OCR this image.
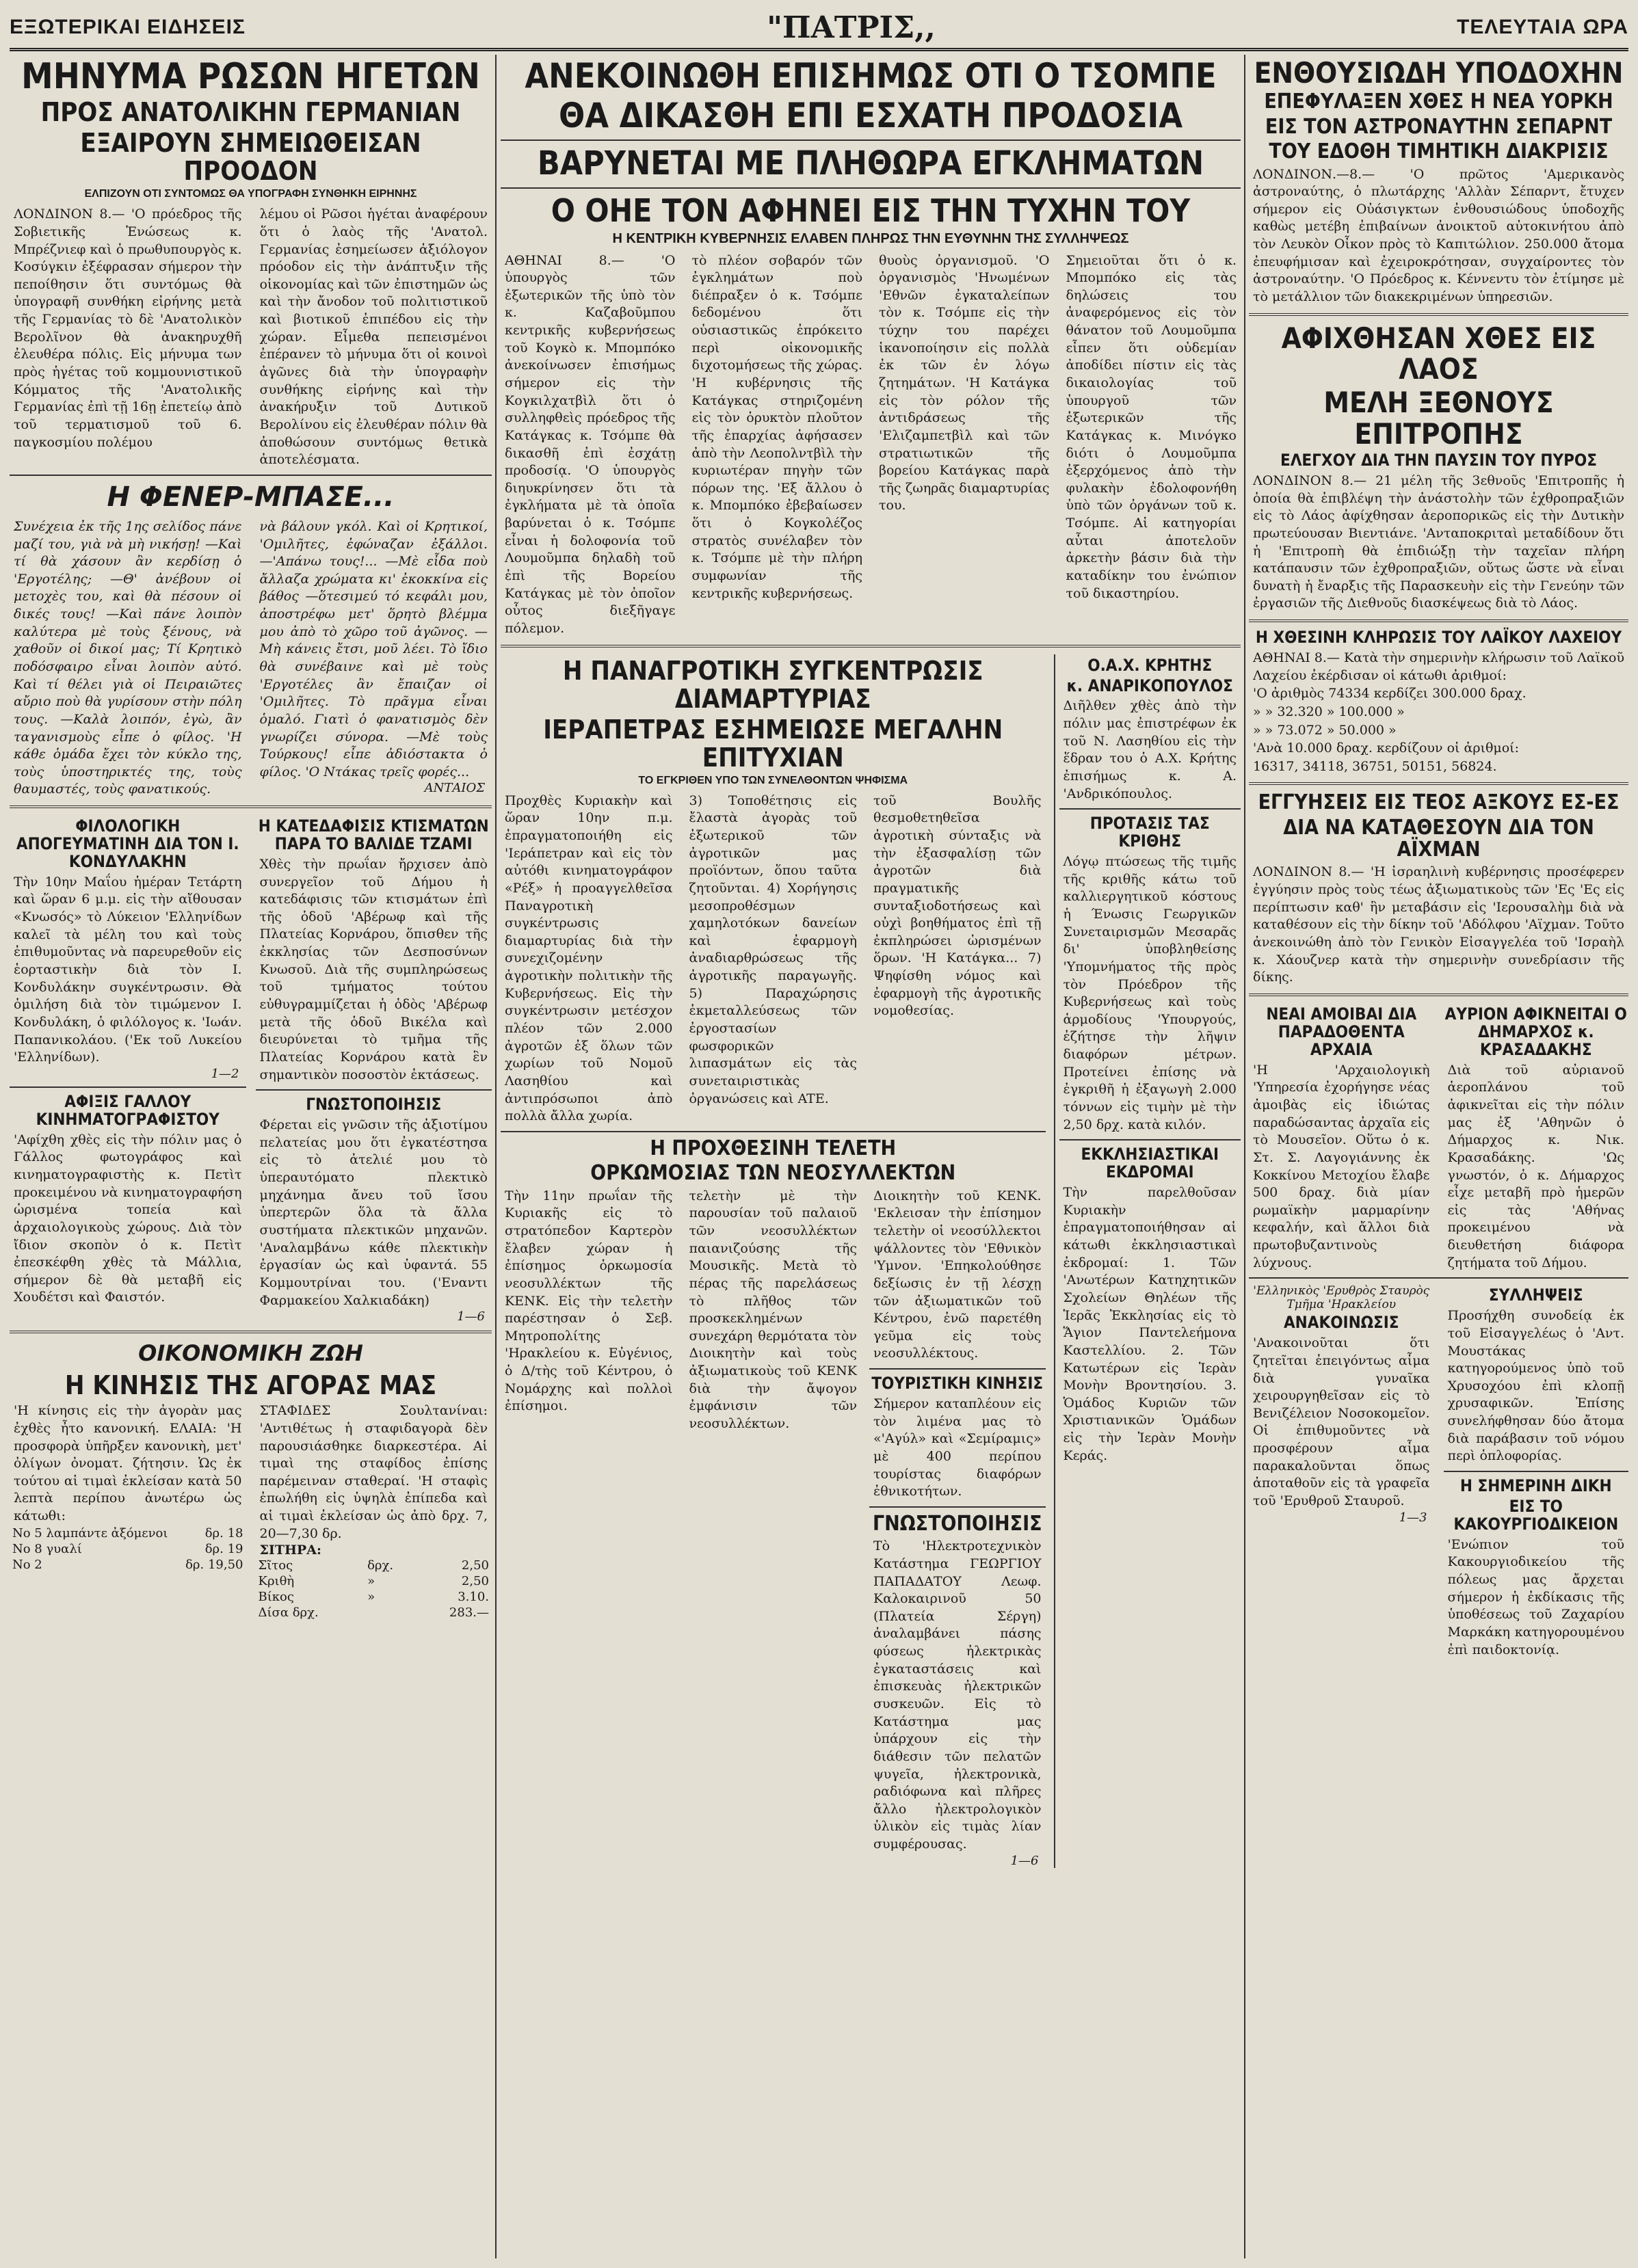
ΕΞΩΤΕΡΙΚΑΙ ΕΙΔΗΣΕΙΣ	"ΠΑΤΡΙΣ,,	ΤΕΛΕΥΤΑΙΑ ΩΡΑ
ΜΗΝΥΜΑ ΡΩΣΩΝ ΗΓΕΤΩΝ
ΠΡΟΣ ΑΝΑΤΟΛΙΚΗΝ ΓΕΡΜΑΝΙΑΝ
ΕΞΑΙΡΟΥΝ ΣΗΜΕΙΩΘΕΙΣΑΝ ΠΡΟΟΔΟΝ
ΕΛΠΙΖΟΥΝ ΟΤΙ ΣΥΝΤΟΜΩΣ ΘΑ ΥΠΟΓΡΑΦΗ ΣΥΝΘΗΚΗ ΕΙΡΗΝΗΣ

ΛΟΝΔΙΝΟΝ 8.— 'Ο πρόεδρος τῆς Σοβιετικῆς Ἑνώσεως κ. Μπρέζνιεφ καὶ ὁ πρωθυπουργὸς κ. Κοσύγκιν ἐξέφρασαν σήμερον τὴν πεποίθησιν ὅτι συντόμως θὰ ὑπογραφῆ συνθήκη εἰρήνης μετὰ τῆς Γερμανίας τὸ δὲ 'Ανατολικὸν Βερολῖνον θὰ ἀνακηρυχθῆ ἐλευθέρα πόλις. Εἰς μήνυμα των πρὸς ἡγέτας τοῦ κομμουνιστικοῦ Κόμματος τῆς 'Ανατολικῆς Γερμανίας ἐπὶ τῇ 16ῃ ἐπετείῳ ἀπὸ τοῦ τερματισμοῦ τοῦ 6. παγκοσμίου πολέμου

λέμου οἱ Ρῶσοι ἡγέται ἀναφέρουν ὅτι ὁ λαὸς τῆς 'Ανατολ. Γερμανίας ἐσημείωσεν ἀξιόλογον πρόοδον εἰς τὴν ἀνάπτυξιν τῆς οἰκονομίας καὶ τῶν ἐπιστημῶν ὡς καὶ τὴν ἄνοδον τοῦ πολιτιστικοῦ καὶ βιοτικοῦ ἐπιπέδου εἰς τὴν χώραν. Εἶμεθα πεπεισμένοι ἐπέρανεν τὸ μήνυμα ὅτι οἱ κοινοὶ ἀγῶνες διὰ τὴν ὑπογραφὴν συνθήκης εἰρήνης καὶ τὴν ἀνακήρυξιν τοῦ Δυτικοῦ Βερολίνου εἰς ἐλευθέραν πόλιν θὰ ἀποθώσουν συντόμως θετικὰ ἀποτελέσματα.

Η ΦΕΝΕΡ-ΜΠΑΣΕ...

Συνέχεια ἐκ τῆς 1ης σελίδος πάνε μαζί του, γιὰ νὰ μὴ νικήσῃ! —Καὶ τί θὰ χάσουν ἂν κερδίσῃ ὁ 'Εργοτέλης; —Θ' ἀνέβουν οἱ μετοχὲς του, καὶ θὰ πέσουν οἱ δικές τους! —Καὶ πάνε λοιπὸν καλύτερα μὲ τοὺς ξένους, νὰ χαθοῦν οἱ δικοί μας; Τί Κρητικὸ ποδόσφαιρο εἶναι λοιπὸν αὐτό. Καὶ τί θέλει γιὰ οἱ Πειραιῶτες αὔριο ποὺ θὰ γυρίσουν στὴν πόλη τους. —Καλὰ λοιπόν, ἐγὼ, ἂν ταγανισμοὺς εἶπε ὁ φίλος. 'Η κάθε ὁμάδα ἔχει τὸν κύκλο της, τοὺς ὑποστηρικτές της, τοὺς θαυμαστές, τοὺς φανατικούς.

νὰ βάλουν γκόλ. Καὶ οἱ Κρητικοί, 'Ομιλῆτες, ἐφώναζαν ἐξάλλοι. —'Απάνω τους!... —Μὲ εἶδα ποὺ ἄλλαζα χρώματα κι' ἐκοκκίνα εἰς βάθος —ὅτεσιμεύ τό κεφάλι μου, ἀποστρέφω μετ' ὅρητὸ βλέμμα μου ἀπὸ τὸ χῶρο τοῦ ἀγῶνος. —Μὴ κάνεις ἔτσι, μοῦ λέει. Τὸ ἴδιο θὰ συνέβαινε καὶ μὲ τοὺς 'Εργοτέλες ἂν ἔπαιζαν οἱ 'Ομιλῆτες. Τὸ πρᾶγμα εἶναι ὁμαλό. Γιατὶ ὁ φανατισμὸς δὲν γνωρίζει σύνορα. —Μὲ τοὺς Τούρκους! εἶπε ἀδιόστακτα ὁ φίλος. 'Ο Ντάκας τρεῖς φορές...

ΑΝΤΑΙΟΣ
ΦΙΛΟΛΟΓΙΚΗ ΑΠΟΓΕΥΜΑΤΙΝΗ ΔΙΑ ΤΟΝ Ι. ΚΟΝΔΥΛΑΚΗΝ

Τὴν 10ην Μαΐου ἡμέραν Τετάρτη καὶ ὥραν 6 μ.μ. εἰς τὴν αἴθουσαν «Κνωσός» τὸ Λύκειον 'Ελληνίδων καλεῖ τὰ μέλη του καὶ τοὺς ἐπιθυμοῦντας νὰ παρευρεθοῦν εἰς ἑορταστικὴν διὰ τὸν Ι. Κονδυλάκην συγκέντρωσιν. Θὰ ὁμιλήση διὰ τὸν τιμώμενον Ι. Κονδυλάκη, ὁ φιλόλογος κ. 'Ιωάν. Παπανικολάου. ('Εκ τοῦ Λυκείου 'Ελληνίδων).

1—2
ΑΦΙΞΙΣ ΓΑΛΛΟΥ ΚΙΝΗΜΑΤΟΓΡΑΦΙΣΤΟΥ

'Αφίχθη χθὲς εἰς τὴν πόλιν μας ὁ Γάλλος φωτογράφος καὶ κινηματογραφιστὴς κ. Πετὶτ προκειμένου νὰ κινηματογραφήση ὡρισμένα τοπεία καὶ ἀρχαιολογικοὺς χώρους. Διὰ τὸν ἴδιον σκοπὸν ὁ κ. Πετὶτ ἐπεσκέφθη χθὲς τὰ Μάλλια, σήμερον δὲ θὰ μεταβῆ εἰς Χουδέτσι καὶ Φαιστόν.

Η ΚΑΤΕΔΑΦΙΣΙΣ ΚΤΙΣΜΑΤΩΝ ΠΑΡΑ ΤΟ ΒΑΛΙΔΕ ΤΖΑΜΙ

Χθὲς τὴν πρωΐαν ἤρχισεν ἀπὸ συνεργεῖον τοῦ Δήμου ἡ κατεδάφισις τῶν κτισμάτων ἐπὶ τῆς ὁδοῦ 'Αβέρωφ καὶ τῆς Πλατείας Κορνάρου, ὅπισθεν τῆς ἐκκλησίας τῶν Δεσποσύνων Κνωσοῦ. Διὰ τῆς συμπληρώσεως τοῦ τμήματος τούτου εὐθυγραμμίζεται ἡ ὁδὸς 'Αβέρωφ μετὰ τῆς ὁδοῦ Βικέλα καὶ διευρύνεται τὸ τμῆμα τῆς Πλατείας Κορνάρου κατὰ ἓν σημαντικὸν ποσοστὸν ἐκτάσεως.

ΓΝΩΣΤΟΠΟΙΗΣΙΣ

Φέρεται εἰς γνῶσιν τῆς ἀξιοτίμου πελατείας μου ὅτι ἐγκατέστησα εἰς τὸ ἀτελιέ μου τὸ ὑπεραυτόματο πλεκτικὸ μηχάνημα ἄνευ τοῦ ἴσου ὑπερτερῶν ὅλα τὰ ἄλλα συστήματα πλεκτικῶν μηχανῶν. 'Αναλαμβάνω κάθε πλεκτικὴν ἐργασίαν ὡς καὶ ὑφαντά. 55 Κομμουτρίναι του. ('Εναντι Φαρμακείου Χαλκιαδάκη)

1—6
ΟΙΚΟΝΟΜΙΚΗ ΖΩΗ
Η ΚΙΝΗΣΙΣ ΤΗΣ ΑΓΟΡΑΣ ΜΑΣ

'Η κίνησις εἰς τὴν ἀγορὰν μας ἐχθὲς ἦτο κανονική. ΕΛΑΙΑ: 'Η προσφορὰ ὑπῆρξεν κανονικὴ, μετ' ὀλίγων ὀνοματ. ζήτησιν. Ὡς ἐκ τούτου αἱ τιμαὶ ἐκλείσαν κατὰ 50 λεπτὰ περίπου ἀνωτέρω ὡς κάτωθι:

No 5 λαμπάντε ἀξόμενοι	δρ. 18
No 8 γυαλί	δρ. 19
No 2	δρ. 19,50

ΣΤΑΦΙΔΕΣ Σουλτανίναι: 'Αντιθέτως ἡ σταφιδαγορὰ δὲν παρουσιάσθηκε διαρκεστέρα. Αἱ τιμαὶ της σταφίδος ἐπίσης παρέμειναν σταθεραί. 'Η σταφὶς ἐπωλήθη εἰς ὑψηλὰ ἐπίπεδα καὶ αἱ τιμαὶ ἐκλείσαν ὡς ἀπὸ δρχ. 7, 20—7,30 δρ.

ΣΙΤΗΡΑ:
Σῖτος	δρχ.	2,50
Κριθὴ	»	2,50
Βίκος	»	3.10.
Δίσα δρχ.		283.—
ΑΝΕΚΟΙΝΩΘΗ ΕΠΙΣΗΜΩΣ ΟΤΙ Ο ΤΣΟΜΠΕ
ΘΑ ΔΙΚΑΣΘΗ ΕΠΙ ΕΣΧΑΤΗ ΠΡΟΔΟΣΙΑ
ΒΑΡΥΝΕΤΑΙ ΜΕ ΠΛΗΘΩΡΑ ΕΓΚΛΗΜΑΤΩΝ
Ο ΟΗΕ ΤΟΝ ΑΦΗΝΕΙ ΕΙΣ ΤΗΝ ΤΥΧΗΝ ΤΟΥ
Η ΚΕΝΤΡΙΚΗ ΚΥΒΕΡΝΗΣΙΣ ΕΛΑΒΕΝ ΠΛΗΡΩΣ ΤΗΝ ΕΥΘΥΝΗΝ ΤΗΣ ΣΥΛΛΗΨΕΩΣ

ΑΘΗΝΑΙ 8.— 'Ο ὑπουργὸς τῶν ἐξωτερικῶν τῆς ὑπὸ τὸν κ. Καζαβοῦμπου κεντρικῆς κυβερνήσεως τοῦ Κογκὸ κ. Μπομπόκο ἀνεκοίνωσεν ἐπισήμως σήμερον εἰς τὴν Κογκιλχατβὶλ ὅτι ὁ συλληφθεὶς πρόεδρος τῆς Κατάγκας κ. Τσόμπε θὰ δικασθῆ ἐπὶ ἐσχάτῃ προδοσίᾳ. 'Ο ὑπουργὸς διηυκρίνησεν ὅτι τὰ ἐγκλήματα μὲ τὰ ὁποῖα βαρύνεται ὁ κ. Τσόμπε εἶναι ἡ δολοφονία τοῦ Λουμοῦμπα δηλαδὴ τοῦ ἐπὶ τῆς Βορείου Κατάγκας μὲ τὸν ὁποῖον οὗτος διεξῆγαγε πόλεμον.

τὸ πλέον σοβαρόν τῶν ἐγκλημάτων ποὺ διέπραξεν ὁ κ. Τσόμπε δεδομένου ὅτι οὐσιαστικῶς ἐπρόκειτο περὶ οἰκονομικῆς διχοτομήσεως τῆς χώρας. 'Η κυβέρνησις τῆς Κατάγκας στηριζομένη εἰς τὸν ὀρυκτὸν πλοῦτον τῆς ἐπαρχίας ἀφήσασεν ἀπὸ τὴν Λεοπολντβὶλ τὴν κυριωτέραν πηγὴν τῶν πόρων της. 'Εξ ἄλλου ὁ κ. Μπομπόκο ἐβεβαίωσεν ὅτι ὁ Κογκολέζος στρατὸς συνέλαβεν τὸν κ. Τσόμπε μὲ τὴν πλήρη συμφωνίαν τῆς κεντρικῆς κυβερνήσεως.

θυοὺς ὀργανισμοῦ. 'Ο ὀργανισμὸς 'Ηνωμένων 'Εθνῶν ἐγκαταλείπων τὸν κ. Τσόμπε εἰς τὴν τύχην του παρέχει ἱκανοποίησιν εἰς πολλὰ ἐκ τῶν ἐν λόγω ζητημάτων. 'Η Κατάγκα εἰς τὸν ρόλον τῆς ἀντιδράσεως τῆς 'Ελιζαμπετβὶλ καὶ τῶν στρατιωτικῶν τῆς βορείου Κατάγκας παρὰ τῆς ζωηρᾶς διαμαρτυρίας του.

Σημειοῦται ὅτι ὁ κ. Μπομπόκο εἰς τὰς δηλώσεις του ἀναφερόμενος εἰς τὸν θάνατον τοῦ Λουμοῦμπα εἶπεν ὅτι οὐδεμίαν ἀποδίδει πίστιν εἰς τὰς δικαιολογίας τοῦ ὑπουργοῦ τῶν ἐξωτερικῶν τῆς Κατάγκας κ. Μινόγκο διότι ὁ Λουμοῦμπα ἐξερχόμενος ἀπὸ τὴν φυλακὴν ἐδολοφονήθη ὑπὸ τῶν ὀργάνων τοῦ κ. Τσόμπε. Αἱ κατηγορίαι αὗται ἀποτελοῦν ἀρκετὴν βάσιν διὰ τὴν καταδίκην του ἐνώπιον τοῦ δικαστηρίου.

Η ΠΑΝΑΓΡΟΤΙΚΗ ΣΥΓΚΕΝΤΡΩΣΙΣ ΔΙΑΜΑΡΤΥΡΙΑΣ
ΙΕΡΑΠΕΤΡΑΣ ΕΣΗΜΕΙΩΣΕ ΜΕΓΑΛΗΝ ΕΠΙΤΥΧΙΑΝ
ΤΟ ΕΓΚΡΙΘΕΝ ΥΠΟ ΤΩΝ ΣΥΝΕΛΘΟΝΤΩΝ ΨΗΦΙΣΜΑ

Προχθὲς Κυριακὴν καὶ ὥραν 10ην π.μ. ἐπραγματοποιήθη εἰς 'Ιεράπετραν καὶ εἰς τὸν αὐτόθι κινηματογράφον «Ρέξ» ἡ προαγγελθεῖσα Παναγροτικὴ συγκέντρωσις διαμαρτυρίας διὰ τὴν συνεχιζομένην ἀγροτικὴν πολιτικὴν τῆς Κυβερνήσεως. Εἰς τὴν συγκέντρωσιν μετέσχον πλέον τῶν 2.000 ἀγροτῶν ἐξ ὅλων τῶν χωρίων τοῦ Νομοῦ Λασηθίου καὶ ἀντιπρόσωποι ἀπὸ πολλὰ ἄλλα χωρία.

3) Τοποθέτησις εἰς ἔλαστὰ ἀγορὰς τοῦ ἐξωτερικοῦ τῶν ἀγροτικῶν μας προϊόντων, ὅπου ταῦτα ζητοῦνται. 4) Χορήγησις μεσοπροθέσμων χαμηλοτόκων δανείων καὶ ἐφαρμογὴ ἀναδιαρθρώσεως τῆς ἀγροτικῆς παραγωγῆς. 5) Παραχώρησις ἐκμεταλλεύσεως τῶν ἐργοστασίων φωσφορικῶν λιπασμάτων εἰς τὰς συνεταιριστικὰς ὀργανώσεις καὶ ATE.

τοῦ Βουλῆς θεσμοθετηθεῖσα ἀγροτικὴ σύνταξις νὰ τὴν ἐξασφαλίσῃ τῶν ἀγροτῶν διὰ πραγματικῆς συνταξιοδοτήσεως καὶ οὐχὶ βοηθήματος ἐπὶ τῇ ἐκπληρώσει ὡρισμένων ὅρων. 'Η Κατάγκα... 7) Ψηφίσθη νόμος καὶ ἐφαρμογὴ τῆς ἀγροτικῆς νομοθεσίας.

Η ΠΡΟΧΘΕΣΙΝΗ ΤΕΛΕΤΗ
ΟΡΚΩΜΟΣΙΑΣ ΤΩΝ ΝΕΟΣΥΛΛΕΚΤΩΝ

Τὴν 11ην πρωΐαν τῆς Κυριακῆς εἰς τὸ στρατόπεδον Καρτερὸν ἔλαβεν χώραν ἡ ἐπίσημος ὁρκωμοσία νεοσυλλέκτων τῆς ΚΕΝΚ. Εἰς τὴν τελετὴν παρέστησαν ὁ Σεβ. Μητροπολίτης 'Ηρακλείου κ. Εὐγένιος, ὁ Δ/τὴς τοῦ Κέντρου, ὁ Νομάρχης καὶ πολλοὶ ἐπίσημοι.

τελετὴν μὲ τὴν παρουσίαν τοῦ παλαιοῦ τῶν νεοσυλλέκτων παιανιζούσης τῆς Μουσικῆς. Μετὰ τὸ πέρας τῆς παρελάσεως τὸ πλῆθος τῶν προσκεκλημένων συνεχάρη θερμότατα τὸν Διοικητὴν καὶ τοὺς ἀξιωματικοὺς τοῦ ΚΕΝΚ διὰ τὴν ἄψογον ἐμφάνισιν τῶν νεοσυλλέκτων.

Διοικητὴν τοῦ ΚΕΝΚ. 'Εκλεισαν τὴν ἐπίσημον τελετὴν οἱ νεοσύλλεκτοι ψάλλοντες τὸν 'Εθνικὸν 'Υμνον. 'Επηκολούθησε δεξίωσις ἐν τῇ λέσχῃ τῶν ἀξιωματικῶν τοῦ Κέντρου, ἐνῶ παρετέθη γεῦμα εἰς τοὺς νεοσυλλέκτους.

ΤΟΥΡΙΣΤΙΚΗ ΚΙΝΗΣΙΣ

Σήμερον καταπλέουν εἰς τὸν λιμένα μας τὸ «'Αγύλ» καὶ «Σεμίραμις» μὲ 400 περίπου τουρίστας διαφόρων ἐθνικοτήτων.

ΓΝΩΣΤΟΠΟΙΗΣΙΣ

Τὸ 'Ηλεκτροτεχνικὸν Κατάστημα ΓΕΩΡΓΙΟΥ ΠΑΠΑΔΑΤΟΥ Λεωφ. Καλοκαιρινοῦ 50 (Πλατεία Σέργη) ἀναλαμβάνει πάσης φύσεως ἠλεκτρικὰς ἐγκαταστάσεις καὶ ἐπισκευὰς ἠλεκτρικῶν συσκευῶν. Εἰς τὸ Κατάστημα μας ὑπάρχουν εἰς τὴν διάθεσιν τῶν πελατῶν ψυγεῖα, ἠλεκτρονικὰ, ραδιόφωνα καὶ πλῆρες ἄλλο ἠλεκτρολογικὸν ὑλικὸν εἰς τιμὰς λίαν συμφέρουσας.

1—6
Ο.Α.Χ. ΚΡΗΤΗΣ
κ. ΑΝΑΡΙΚΟΠΟΥΛΟΣ

Διῆλθεν χθὲς ἀπὸ τὴν πόλιν μας ἐπιστρέφων ἐκ τοῦ Ν. Λασηθίου εἰς τὴν ἕδραν του ὁ Α.Χ. Κρήτης ἐπισήμως κ. Α. 'Ανδρικόπουλος.

ΠΡΟΤΑΣΙΣ ΤΑΣ ΚΡΙΘΗΣ

Λόγῳ πτώσεως τῆς τιμῆς τῆς κριθῆς κάτω τοῦ καλλιεργητικοῦ κόστους ἡ Ένωσις Γεωργικῶν Συνεταιρισμῶν Μεσαρᾶς δι' ὑποβληθείσης 'Υπομνήματος τῆς πρὸς τὸν Πρόεδρον τῆς Κυβερνήσεως καὶ τοὺς ἁρμοδίους 'Υπουργούς, ἐζήτησε τὴν λῆψιν διαφόρων μέτρων. Προτείνει ἐπίσης νὰ ἐγκριθῆ ἡ ἐξαγωγὴ 2.000 τόννων εἰς τιμὴν μὲ τὴν 2,50 δρχ. κατὰ κιλόν.

ΕΚΚΛΗΣΙΑΣΤΙΚΑΙ ΕΚΔΡΟΜΑΙ

Τὴν παρελθοῦσαν Κυριακὴν ἐπραγματοποιήθησαν αἱ κάτωθι ἐκκλησιαστικαὶ ἐκδρομαί: 1. Τῶν 'Ανωτέρων Κατηχητικῶν Σχολείων Θηλέων τῆς Ἱερᾶς Ἐκκλησίας εἰς τὸ Ἅγιον Παντελεήμονα Καστελλίου. 2. Τῶν Κατωτέρων εἰς Ἱερὰν Μονὴν Βροντησίου. 3. Ὁμάδος Κυριῶν τῶν Χριστιανικῶν Ὁμάδων εἰς τὴν Ἱερὰν Μονὴν Κεράς.

ΕΝΘΟΥΣΙΩΔΗ ΥΠΟΔΟΧΗΝ
ΕΠΕΦΥΛΑΞΕΝ ΧΘΕΣ Η ΝΕΑ ΥΟΡΚΗ
ΕΙΣ ΤΟΝ ΑΣΤΡΟΝΑΥΤΗΝ ΣΕΠΑΡΝΤ
ΤΟΥ ΕΔΟΘΗ ΤΙΜΗΤΙΚΗ ΔΙΑΚΡΙΣΙΣ

ΛΟΝΔΙΝΟΝ.—8.— 'Ο πρῶτος 'Αμερικανὸς ἀστροναύτης, ὁ πλωτάρχης 'Αλλὰν Σέπαρντ, ἔτυχεν σήμερον εἰς Οὐάσιγκτων ἐνθουσιώδους ὑποδοχῆς καθὼς μετέβη ἐπιβαίνων ἀνοικτοῦ αὐτοκινήτου ἀπὸ τὸν Λευκὸν Οἶκον πρὸς τὸ Καπιτώλιον. 250.000 ἄτομα ἐπευφήμισαν καὶ ἐχειροκρότησαν, συγχαίροντες τὸν ἀστροναύτην. 'Ο Πρόεδρος κ. Κέννεντυ τὸν ἐτίμησε μὲ τὸ μετάλλιον τῶν διακεκριμένων ὑπηρεσιῶν.

ΑΦΙΧΘΗΣΑΝ ΧΘΕΣ ΕΙΣ ΛΑΟΣ
ΜΕΛΗ ΞΕΘΝΟΥΣ ΕΠΙΤΡΟΠΗΣ
ΕΛΕΓΧΟΥ ΔΙΑ ΤΗΝ ΠΑΥΣΙΝ ΤΟΥ ΠΥΡΟΣ

ΛΟΝΔΙΝΟΝ 8.— 21 μέλη τῆς 3εθνοῦς 'Επιτροπῆς ἡ ὁποία θὰ ἐπιβλέψη τὴν ἀνάστολὴν τῶν ἐχθροπραξιῶν εἰς τὸ Λάος ἀφίχθησαν ἀεροπορικῶς εἰς τὴν Δυτικὴν πρωτεύουσαν Βιεντιάνε. 'Ανταποκριταὶ μεταδίδουν ὅτι ἡ 'Επιτροπὴ θὰ ἐπιδιώξῃ τὴν ταχεῖαν πλήρη κατάπαυσιν τῶν ἐχθροπραξιῶν, οὕτως ὥστε νὰ εἶναι δυνατὴ ἡ ἔναρξις τῆς Παρασκευὴν εἰς τὴν Γενεύην τῶν ἐργασιῶν τῆς Διεθνοῦς διασκέψεως διὰ τὸ Λάος.

Η ΧΘΕΣΙΝΗ ΚΛΗΡΩΣΙΣ ΤΟΥ ΛΑΪΚΟΥ ΛΑΧΕΙΟΥ

ΑΘΗΝΑΙ 8.— Κατὰ τὴν σημερινὴν κλήρωσιν τοῦ Λαϊκοῦ Λαχείου ἐκέρδισαν οἱ κάτωθι ἀριθμοί:

'Ο ἀριθμὸς 74334 κερδίζει 300.000 δραχ.
» » 32.320 » 100.000 »
» » 73.072 » 50.000 »
'Ανὰ 10.000 δραχ. κερδίζουν οἱ ἀριθμοί:
16317, 34118, 36751, 50151, 56824.
ΕΓΓΥΗΣΕΙΣ ΕΙΣ ΤΕΟΣ ΑΞΚΟΥΣ ΕΣ-ΕΣ
ΔΙΑ ΝΑ ΚΑΤΑΘΕΣΟΥΝ ΔΙΑ ΤΟΝ ΑΪΧΜΑΝ

ΛΟΝΔΙΝΟΝ 8.— 'Η ἰσραηλινὴ κυβέρνησις προσέφερεν ἐγγύησιν πρὸς τοὺς τέως ἀξιωματικοὺς τῶν 'Ες 'Ες εἰς περίπτωσιν καθ' ἣν μεταβάσιν εἰς 'Ιερουσαλὴμ διὰ νὰ καταθέσουν εἰς τὴν δίκην τοῦ 'Αδόλφου 'Αϊχμαν. Τοῦτο ἀνεκοινώθη ἀπὸ τὸν Γενικὸν Εἰσαγγελέα τοῦ 'Ισραὴλ κ. Χάουζνερ κατὰ τὴν σημερινὴν συνεδρίασιν τῆς δίκης.

ΝΕΑΙ ΑΜΟΙΒΑΙ ΔΙΑ ΠΑΡΑΔΟΘΕΝΤΑ ΑΡΧΑΙΑ

'Η 'Αρχαιολογικὴ 'Υπηρεσία ἐχορήγησε νέας ἀμοιβὰς εἰς ἰδιώτας παραδώσαντας ἀρχαῖα εἰς τὸ Μουσεῖον. Οὕτω ὁ κ. Στ. Σ. Λαγογιάννης ἐκ Κοκκίνου Μετοχίου ἔλαβε 500 δραχ. διὰ μίαν ρωμαϊκὴν μαρμαρίνην κεφαλήν, καὶ ἄλλοι διὰ πρωτοβυζαντινοὺς λύχνους.

ΑΥΡΙΟΝ ΑΦΙΚΝΕΙΤΑΙ Ο ΔΗΜΑΡΧΟΣ κ. ΚΡΑΣΑΔΑΚΗΣ

Διὰ τοῦ αὐριανοῦ ἀεροπλάνου τοῦ ἀφικνεῖται εἰς τὴν πόλιν μας ἐξ 'Αθηνῶν ὁ Δήμαρχος κ. Νικ. Κρασαδάκης. 'Ως γνωστόν, ὁ κ. Δήμαρχος εἶχε μεταβῆ πρὸ ἡμερῶν εἰς τὰς 'Αθήνας προκειμένου νὰ διευθετήση διάφορα ζητήματα τοῦ Δήμου.

'Ελληνικὸς 'Ερυθρὸς Σταυρὸς Τμῆμα 'Ηρακλείου
ΑΝΑΚΟΙΝΩΣΙΣ

'Ανακοινοῦται ὅτι ζητεῖται ἐπειγόντως αἷμα διὰ γυναῖκα χειρουργηθεῖσαν εἰς τὸ Βενιζέλειον Νοσοκομεῖον. Οἱ ἐπιθυμοῦντες νὰ προσφέρουν αἷμα παρακαλοῦνται ὅπως ἀποταθοῦν εἰς τὰ γραφεῖα τοῦ 'Ερυθροῦ Σταυροῦ.

1—3
ΣΥΛΛΗΨΕΙΣ

Προσήχθη συνοδείᾳ ἐκ τοῦ Εἰσαγγελέως ὁ 'Αντ. Μουστάκας κατηγορούμενος ὑπὸ τοῦ Χρυσοχόου ἐπὶ κλοπῇ χρυσαφικῶν. Ἐπίσης συνελήφθησαν δύο ἄτομα διὰ παράβασιν τοῦ νόμου περὶ ὁπλοφορίας.

Η ΣΗΜΕΡΙΝΗ ΔΙΚΗ
ΕΙΣ ΤΟ ΚΑΚΟΥΡΓΙΟΔΙΚΕΙΟΝ

'Ενώπιον τοῦ Κακουργιοδικείου τῆς πόλεως μας ἄρχεται σήμερον ἡ ἐκδίκασις τῆς ὑποθέσεως τοῦ Ζαχαρίου Μαρκάκη κατηγορουμένου ἐπὶ παιδοκτονίᾳ.
